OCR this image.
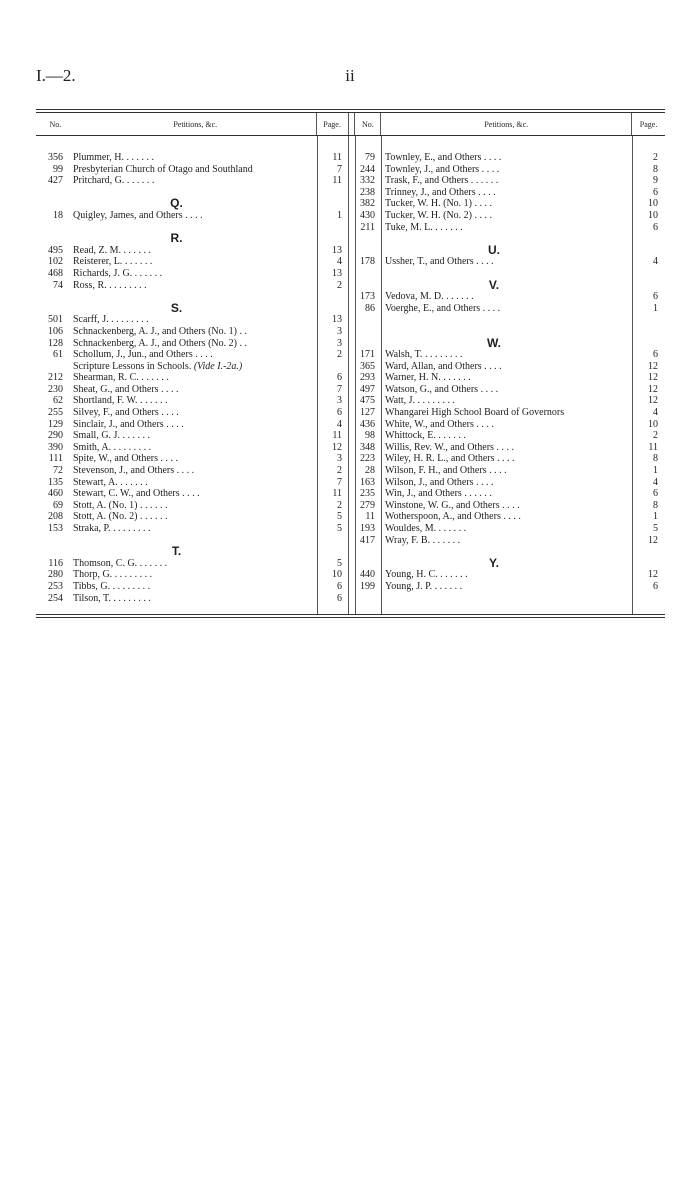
I.—2.	ii
No.	Petitions, &c.	Page.	No.	Petitions, &c.	Page.
356	Plummer, H. . . . . . .	11
99	Presbyterian Church of Otago and Southland	7
427	Pritchard, G. . . . . . .	11
Q.
18	Quigley, James, and Others . . . .	1
R.
495	Read, Z. M. . . . . . .	13
102	Reisterer, L. . . . . . .	4
468	Richards, J. G. . . . . . .	13
74	Ross, R. . . . . . . . .	2
S.
501	Scarff, J. . . . . . . . .	13
106	Schnackenberg, A. J., and Others (No. 1) . .	3
128	Schnackenberg, A. J., and Others (No. 2) . .	3
61	Schollum, J., Jun., and Others . . . .	2
Scripture Lessons in Schools. (Vide I.-2a.)
212	Shearman, R. C. . . . . . .	6
230	Sheat, G., and Others . . . .	7
62	Shortland, F. W. . . . . . .	3
255	Silvey, F., and Others . . . .	6
129	Sinclair, J., and Others . . . .	4
290	Small, G. J. . . . . . .	11
390	Smith, A. . . . . . . . .	12
111	Spite, W., and Others . . . .	3
72	Stevenson, J., and Others . . . .	2
135	Stewart, A. . . . . . .	7
460	Stewart, C. W., and Others . . . .	11
69	Stott, A. (No. 1) . . . . . .	2
208	Stott, A. (No. 2) . . . . . .	5
153	Straka, P. . . . . . . . .	5
T.
116	Thomson, C. G. . . . . . .	5
280	Thorp, G. . . . . . . . .	10
253	Tibbs, G. . . . . . . . .	6
254	Tilson, T. . . . . . . . .	6
79	Townley, E., and Others . . . .	2
244	Townley, J., and Others . . . .	8
332	Trask, F., and Others . . . . . .	9
238	Trinney, J., and Others . . . .	6
382	Tucker, W. H. (No. 1) . . . .	10
430	Tucker, W. H. (No. 2) . . . .	10
211	Tuke, M. L. . . . . . .	6
U.
178	Ussher, T., and Others . . . .	4
V.
173	Vedova, M. D. . . . . . .	6
86	Voerghe, E., and Others . . . .	1
W.
171	Walsh, T. . . . . . . . .	6
365	Ward, Allan, and Others . . . .	12
293	Warner, H. N. . . . . . .	12
497	Watson, G., and Others . . . .	12
475	Watt, J. . . . . . . . .	12
127	Whangarei High School Board of Governors	4
436	White, W., and Others . . . .	10
98	Whittock, E. . . . . . .	2
348	Willis, Rev. W., and Others . . . .	11
223	Wiley, H. R. L., and Others . . . .	8
28	Wilson, F. H., and Others . . . .	1
163	Wilson, J., and Others . . . .	4
235	Win, J., and Others . . . . . .	6
279	Winstone, W. G., and Others . . . .	8
11	Wotherspoon, A., and Others . . . .	1
193	Wouldes, M. . . . . . .	5
417	Wray, F. B. . . . . . .	12
Y.
440	Young, H. C. . . . . . .	12
199	Young, J. P. . . . . . .	6
